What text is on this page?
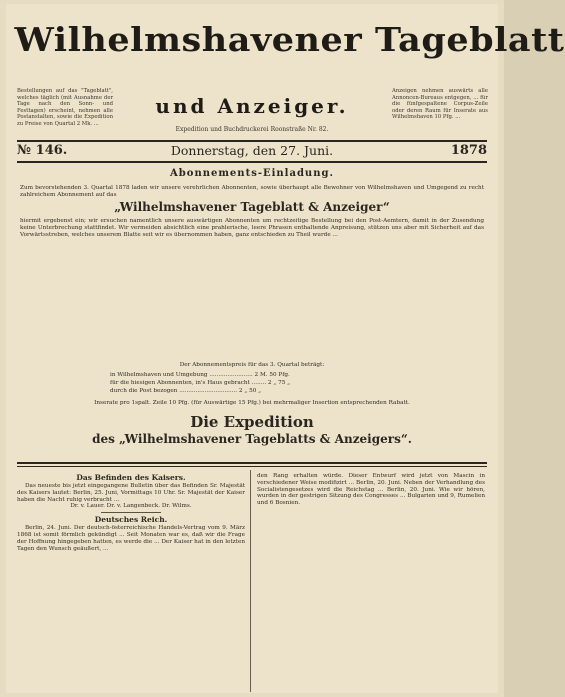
Wilhelmshavener Tageblatt
Bestellungen auf das "Tageblatt", welches täglich (mit Ausnahme der Tage nach den Sonn- und Festtagen) erscheint, nehmen alle Postanstalten, sowie die Expedition zu Preise von Quartal 2 Mk. ...
Anzeigen nehmen auswärts alle Annoncen-Bureaus entgegen, ... für die fünfgespaltene Corpus-Zeile oder deren Raum für Inserate aus Wilhelmshaven 10 Pfg. ...
und Anzeiger.
Expedition und Buchdruckerei Roonstraße Nr. 82.
№ 146.	Donnerstag, den 27. Juni.	1878
Abonnements-Einladung.
Zum bevorstehenden 3. Quartal 1878 laden wir unsere verehrlichen Abonnenten, sowie überhaupt alle Bewohner von Wilhelmshaven und Umgegend zu recht zahlreichem Abonnement auf das
„Wilhelmshavener Tageblatt & Anzeiger“
hiermit ergebenst ein; wir ersuchen namentlich unsere auswärtigen Abonnenten um rechtzeitige Bestellung bei den Post-Aemtern, damit in der Zusendung keine Unterbrechung stattfindet. Wir vermeiden absichtlich eine prahlerische, leere Phrasen enthaltende Anpreisung, stützen uns aber mit Sicherheit auf das Vorwärtsstreben, welches unserem Blatte seit wir es übernommen haben, ganz entschieden zu Theil wurde ...
Der Abonnementspreis für das 3. Quartal beträgt:
in Wilhelmshaven und Umgebung ........................ 2 M. 50 Pfg.
für die hiesigen Abonnenten, in's Haus gebracht ........ 2 „ 75 „
durch die Post bezogen ................................ 2 „ 50 „
Inserate pro 1spalt. Zeile 10 Pfg. (für Auswärtige 15 Pfg.) bei mehrmaliger Insertion entsprechenden Rabatt.
Die Expedition
des „Wilhelmshavener Tageblatts & Anzeigers“.
Das Befinden des Kaisers.
Das neueste bis jetzt eingegangene Bulletin über das Befinden Sr. Majestät des Kaisers lautet: Berlin, 25. Juni, Vormittags 10 Uhr. Sr. Majestät der Kaiser haben die Nacht ruhig verbracht ...
Dr. v. Lauer. Dr. v. Langenbeck. Dr. Wilms.
Deutsches Reich.
Berlin, 24. Juni. Der deutsch-österreichische Handels-Vertrag vom 9. März 1868 ist somit förmlich gekündigt ... Seit Monaten war es, daß wir die Frage der Hoffnung hingegeben hatten, es werde die ... Der Kaiser hat in den letzten Tagen den Wunsch geäußert, ...
den Rang erhalten würde. Dieser Entwurf wird jetzt von Mascin in verschiedener Weise modifizirt ... Berlin, 20. Juni. Neben der Verhandlung des Socialistengesetzes wird die Reichstag ... Berlin, 20. Juni. Wie wir hören, wurden in der gestrigen Sitzung des Congresses ... Bulgarien und 9, Rumelien und 6 Bosnien.
